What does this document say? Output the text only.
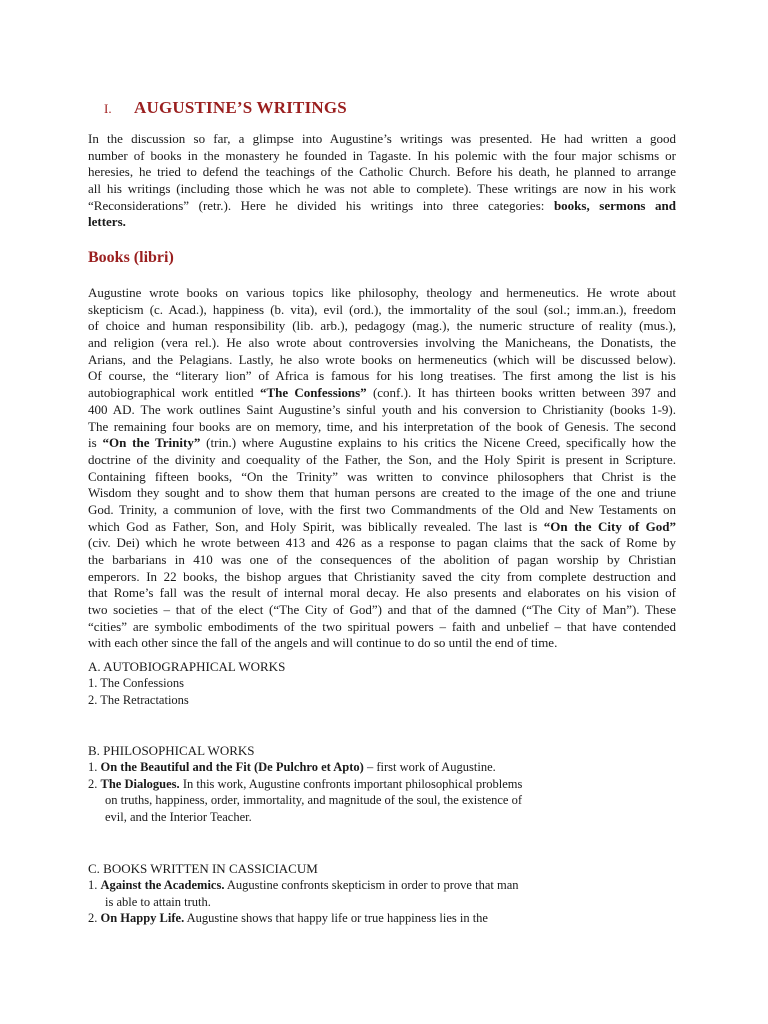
I.	AUGUSTINE’S WRITINGS
In the discussion so far, a glimpse into Augustine’s writings was presented. He had written a good
number of books in the monastery he founded in Tagaste. In his polemic with the four major schisms or
heresies, he tried to defend the teachings of the Catholic Church. Before his death, he planned to arrange
all his writings (including those which he was not able to complete). These writings are now in his work
“Reconsiderations” (retr.). Here he divided his writings into three categories: books, sermons and
letters.
Books (libri)
Augustine wrote books on various topics like philosophy, theology and hermeneutics. He wrote about
skepticism (c. Acad.), happiness (b. vita), evil (ord.), the immortality of the soul (sol.; imm.an.), freedom
of choice and human responsibility (lib. arb.), pedagogy (mag.), the numeric structure of reality (mus.),
and religion (vera rel.). He also wrote about controversies involving the Manicheans, the Donatists, the
Arians, and the Pelagians. Lastly, he also wrote books on hermeneutics (which will be discussed below).
Of course, the “literary lion” of Africa is famous for his long treatises. The first among the list is his
autobiographical work entitled “The Confessions” (conf.). It has thirteen books written between 397 and
400 AD. The work outlines Saint Augustine’s sinful youth and his conversion to Christianity (books 1-9).
The remaining four books are on memory, time, and his interpretation of the book of Genesis. The second
is “On the Trinity” (trin.) where Augustine explains to his critics the Nicene Creed, specifically how the
doctrine of the divinity and coequality of the Father, the Son, and the Holy Spirit is present in Scripture.
Containing fifteen books, “On the Trinity” was written to convince philosophers that Christ is the
Wisdom they sought and to show them that human persons are created to the image of the one and triune
God. Trinity, a communion of love, with the first two Commandments of the Old and New Testaments on
which God as Father, Son, and Holy Spirit, was biblically revealed. The last is “On the City of God”
(civ. Dei) which he wrote between 413 and 426 as a response to pagan claims that the sack of Rome by
the barbarians in 410 was one of the consequences of the abolition of pagan worship by Christian
emperors. In 22 books, the bishop argues that Christianity saved the city from complete destruction and
that Rome’s fall was the result of internal moral decay. He also presents and elaborates on his vision of
two societies – that of the elect (“The City of God”) and that of the damned (“The City of Man”). These
“cities” are symbolic embodiments of the two spiritual powers – faith and unbelief – that have contended
with each other since the fall of the angels and will continue to do so until the end of time.
A. AUTOBIOGRAPHICAL WORKS
1. The Confessions
2. The Retractations
B. PHILOSOPHICAL WORKS
1. On the Beautiful and the Fit (De Pulchro et Apto) – first work of Augustine.
2. The Dialogues. In this work, Augustine confronts important philosophical problems
on truths, happiness, order, immortality, and magnitude of the soul, the existence of
evil, and the Interior Teacher.
C. BOOKS WRITTEN IN CASSICIACUM
1. Against the Academics. Augustine confronts skepticism in order to prove that man
is able to attain truth.
2. On Happy Life. Augustine shows that happy life or true happiness lies in the
